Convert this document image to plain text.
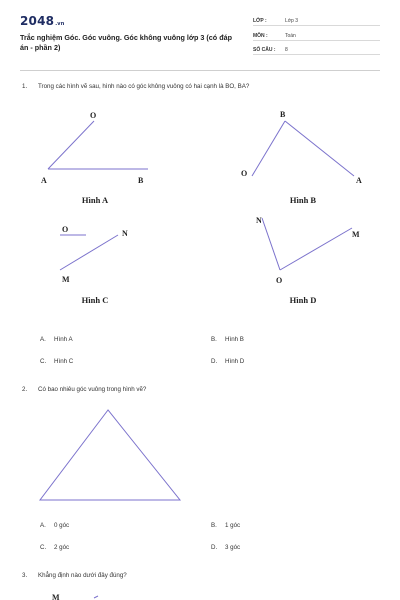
2048.vn
Trắc nghiệm Góc. Góc vuông. Góc không vuông lớp 3 (có đáp án - phần 2)
LỚP :	Lớp 3
MÔN :	Toán
SỐ CÂU : 8
1. Trong các hình vẽ sau, hình nào có góc không vuông có hai cạnh là BO, BA?
O
A	B
Hình A
B
O
A
Hình B
O	N
M
Hình C
N
M
O
Hình D
A. Hình A	B. Hình B
C. Hình C	D. Hình D
2. Có bao nhiêu góc vuông trong hình vẽ?
A. 0 góc	B. 1 góc
C. 2 góc	D. 3 góc
3. Khẳng định nào dưới đây đúng?
M
